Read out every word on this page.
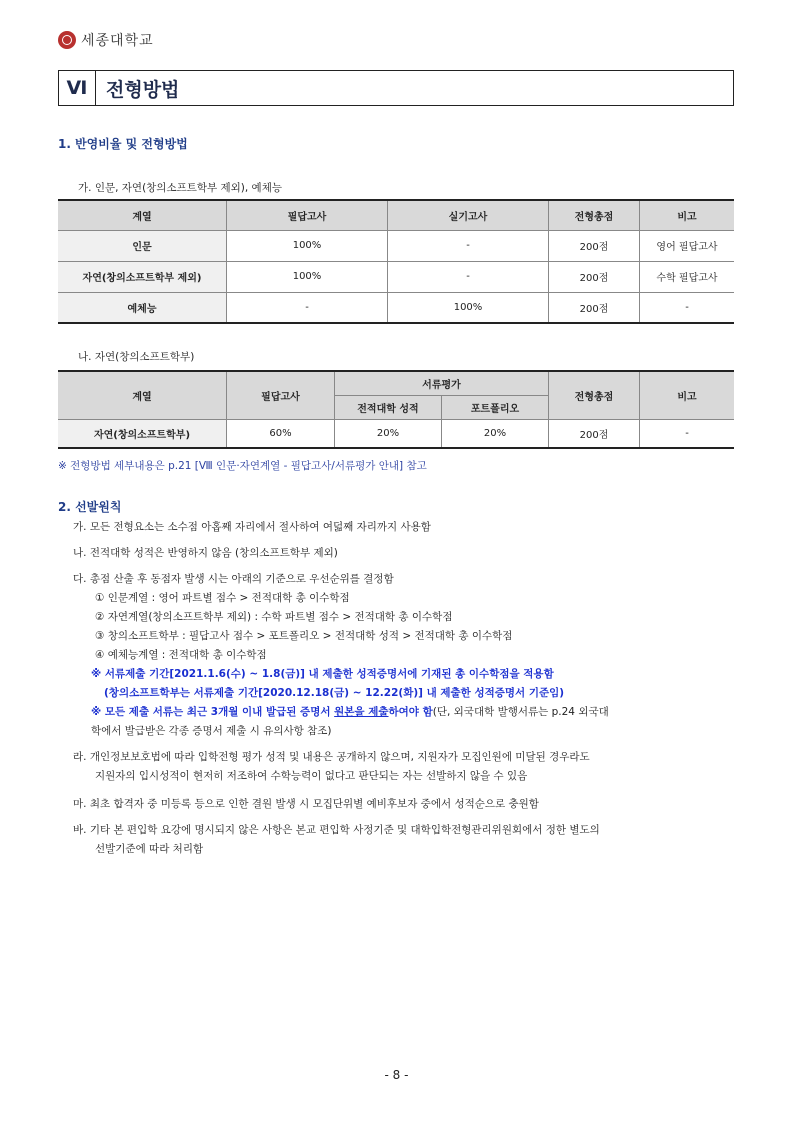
세종대학교
Ⅵ 전형방법
1. 반영비율 및 전형방법
가. 인문, 자연(창의소프트학부 제외), 예체능
계열	필답고사	실기고사	전형총점	비고
인문	100%	-	200점	영어 필답고사
자연(창의소프트학부 제외)	100%	-	200점	수학 필답고사
예체능	-	100%	200점	-
나. 자연(창의소프트학부)
계열	필답고사	서류평가		전형총점	비고
		전적대학 성적	포트폴리오		
자연(창의소프트학부)	60%	20%	20%	200점	-
※ 전형방법 세부내용은 p.21 [Ⅷ 인문·자연계열 - 필답고사/서류평가 안내] 참고
2. 선발원칙
가. 모든 전형요소는 소수점 아홉째 자리에서 절사하여 여덟째 자리까지 사용함
나. 전적대학 성적은 반영하지 않음 (창의소프트학부 제외)
다. 총점 산출 후 동점자 발생 시는 아래의 기준으로 우선순위를 결정함
① 인문계열 : 영어 파트별 점수 > 전적대학 총 이수학점
② 자연계열(창의소프트학부 제외) : 수학 파트별 점수 > 전적대학 총 이수학점
③ 창의소프트학부 : 필답고사 점수 > 포트폴리오 > 전적대학 성적 > 전적대학 총 이수학점
④ 예체능계열 : 전적대학 총 이수학점
※ 서류제출 기간[2021.1.6(수) ~ 1.8(금)] 내 제출한 성적증명서에 기재된 총 이수학점을 적용함
(창의소프트학부는 서류제출 기간[2020.12.18(금) ~ 12.22(화)] 내 제출한 성적증명서 기준임)
※ 모든 제출 서류는 최근 3개월 이내 발급된 증명서 원본을 제출하여야 함(단, 외국대학 발행서류는 p.24 외국대
학에서 발급받은 각종 증명서 제출 시 유의사항 참조)
라. 개인정보보호법에 따라 입학전형 평가 성적 및 내용은 공개하지 않으며, 지원자가 모집인원에 미달된 경우라도
지원자의 입시성적이 현저히 저조하여 수학능력이 없다고 판단되는 자는 선발하지 않을 수 있음
마. 최초 합격자 중 미등록 등으로 인한 결원 발생 시 모집단위별 예비후보자 중에서 성적순으로 충원함
바. 기타 본 편입학 요강에 명시되지 않은 사항은 본교 편입학 사정기준 및 대학입학전형관리위원회에서 정한 별도의
선발기준에 따라 처리함
- 8 -
